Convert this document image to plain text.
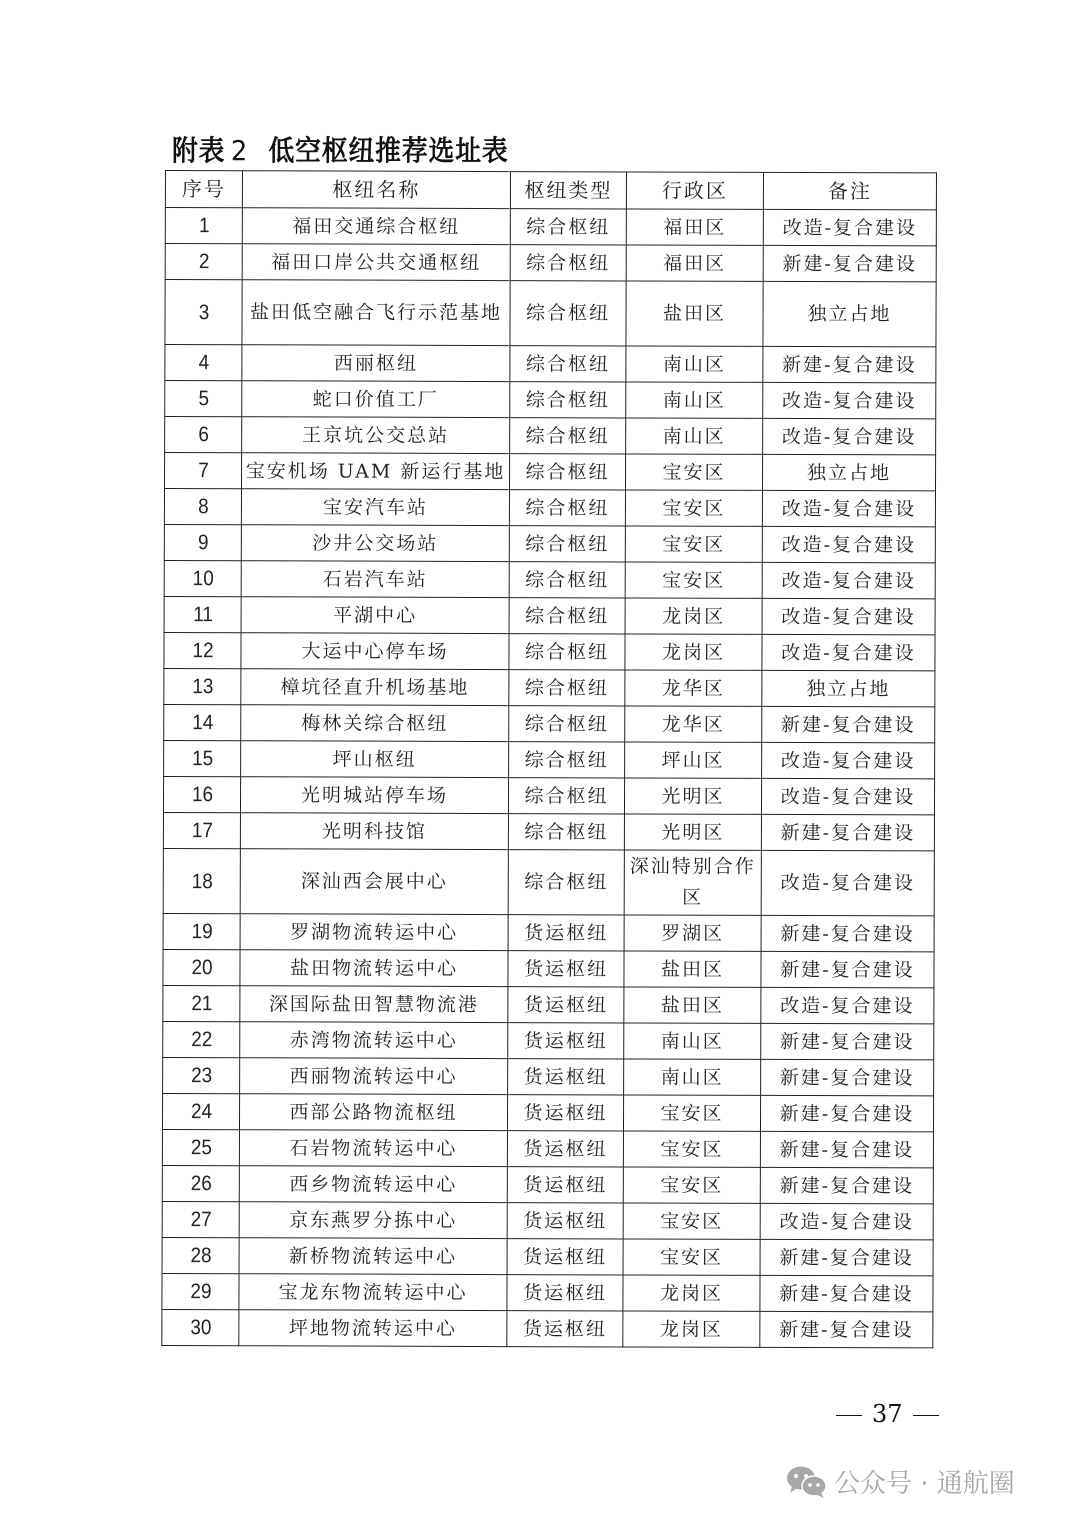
附表 2 低空枢纽推荐选址表
序号	枢纽名称	枢纽类型	行政区	备注
1	福田交通综合枢纽	综合枢纽	福田区	改造-复合建设
2	福田口岸公共交通枢纽	综合枢纽	福田区	新建-复合建设
3	盐田低空融合飞行示范基地	综合枢纽	盐田区	独立占地
4	西丽枢纽	综合枢纽	南山区	新建-复合建设
5	蛇口价值工厂	综合枢纽	南山区	改造-复合建设
6	王京坑公交总站	综合枢纽	南山区	改造-复合建设
7	宝安机场 UAM 新运行基地	综合枢纽	宝安区	独立占地
8	宝安汽车站	综合枢纽	宝安区	改造-复合建设
9	沙井公交场站	综合枢纽	宝安区	改造-复合建设
10	石岩汽车站	综合枢纽	宝安区	改造-复合建设
11	平湖中心	综合枢纽	龙岗区	改造-复合建设
12	大运中心停车场	综合枢纽	龙岗区	改造-复合建设
13	樟坑径直升机场基地	综合枢纽	龙华区	独立占地
14	梅林关综合枢纽	综合枢纽	龙华区	新建-复合建设
15	坪山枢纽	综合枢纽	坪山区	改造-复合建设
16	光明城站停车场	综合枢纽	光明区	改造-复合建设
17	光明科技馆	综合枢纽	光明区	新建-复合建设
18	深汕西会展中心	综合枢纽	深汕特别合作区	改造-复合建设
19	罗湖物流转运中心	货运枢纽	罗湖区	新建-复合建设
20	盐田物流转运中心	货运枢纽	盐田区	新建-复合建设
21	深国际盐田智慧物流港	货运枢纽	盐田区	改造-复合建设
22	赤湾物流转运中心	货运枢纽	南山区	新建-复合建设
23	西丽物流转运中心	货运枢纽	南山区	新建-复合建设
24	西部公路物流枢纽	货运枢纽	宝安区	新建-复合建设
25	石岩物流转运中心	货运枢纽	宝安区	新建-复合建设
26	西乡物流转运中心	货运枢纽	宝安区	新建-复合建设
27	京东燕罗分拣中心	货运枢纽	宝安区	改造-复合建设
28	新桥物流转运中心	货运枢纽	宝安区	新建-复合建设
29	宝龙东物流转运中心	货运枢纽	龙岗区	新建-复合建设
30	坪地物流转运中心	货运枢纽	龙岗区	新建-复合建设
37
公众号 · 通航圈
